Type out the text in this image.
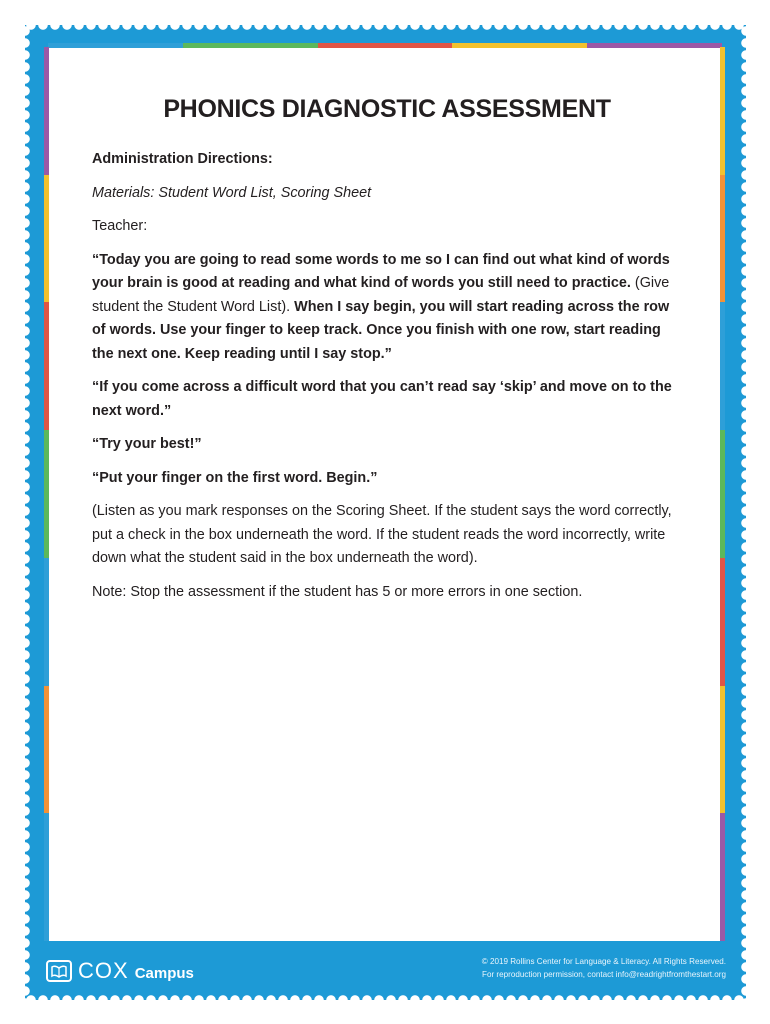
PHONICS DIAGNOSTIC ASSESSMENT

Administration Directions:

Materials: Student Word List, Scoring Sheet

Teacher:

“Today you are going to read some words to me so I can find out what kind of words your brain is good at reading and what kind of words you still need to practice. (Give student the Student Word List). When I say begin, you will start reading across the row of words. Use your finger to keep track. Once you finish with one row, start reading the next one. Keep reading until I say stop.”

“If you come across a difficult word that you can’t read say ‘skip’ and move on to the next word.”

“Try your best!”

“Put your finger on the first word. Begin.”

(Listen as you mark responses on the Scoring Sheet. If the student says the word correctly, put a check in the box underneath the word. If the student reads the word incorrectly, write down what the student said in the box underneath the word).

Note: Stop the assessment if the student has 5 or more errors in one section.

COX Campus
© 2019 Rollins Center for Language & Literacy. All Rights Reserved.
For reproduction permission, contact info@readrightfromthestart.org
